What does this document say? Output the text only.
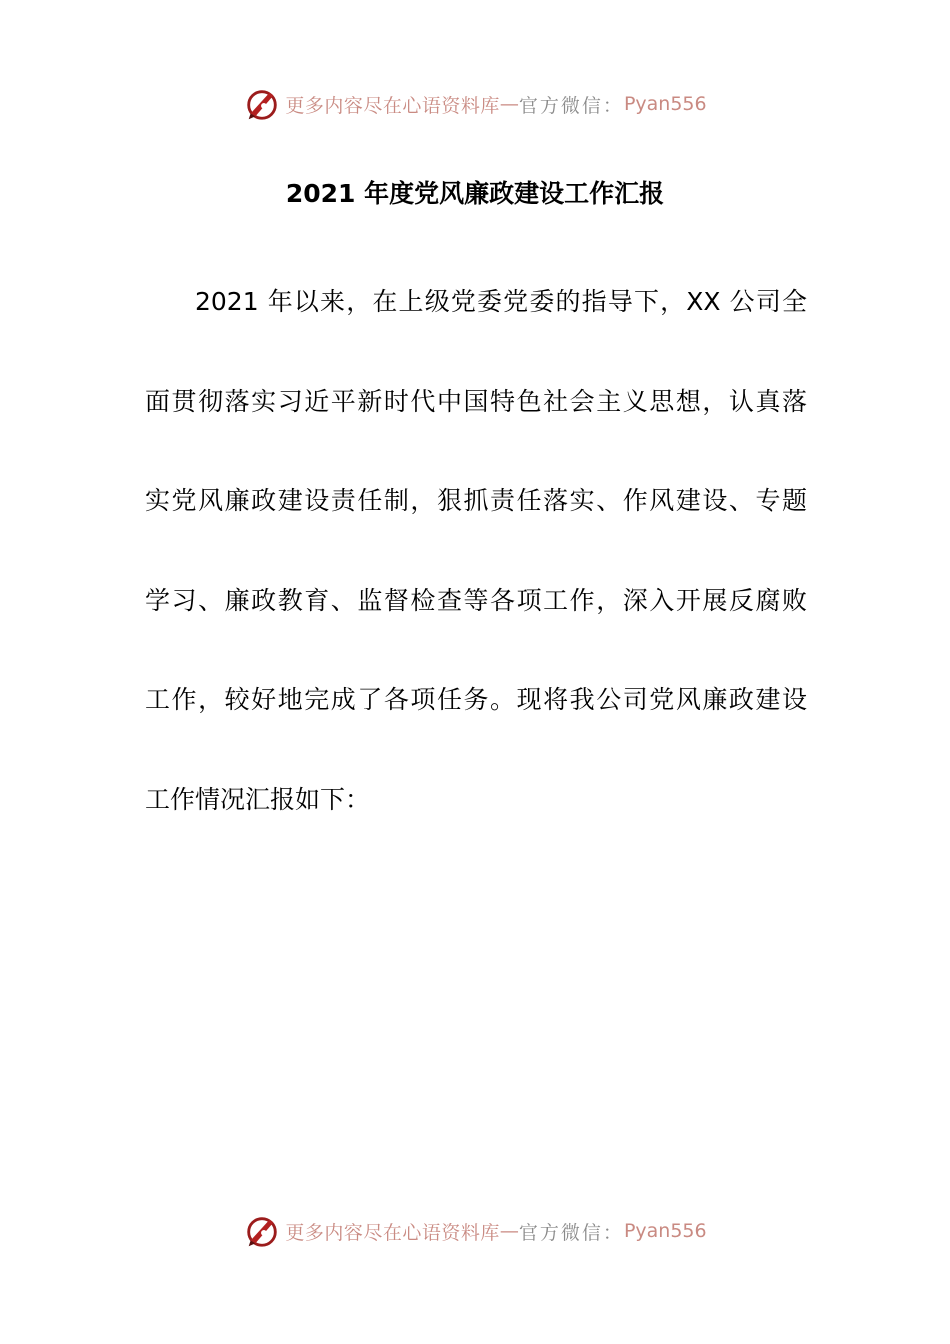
更多内容尽在心语资料库 — 官方微信： Pyan556
2021 年度党风廉政建设工作汇报
2021 年以来，在上级党委党委的指导下，XX 公司全
面贯彻落实习近平新时代中国特色社会主义思想，认真落
实党风廉政建设责任制，狠抓责任落实、作风建设、专题
学习、廉政教育、监督检查等各项工作，深入开展反腐败
工作，较好地完成了各项任务。现将我公司党风廉政建设
工作情况汇报如下：
更多内容尽在心语资料库 — 官方微信： Pyan556
